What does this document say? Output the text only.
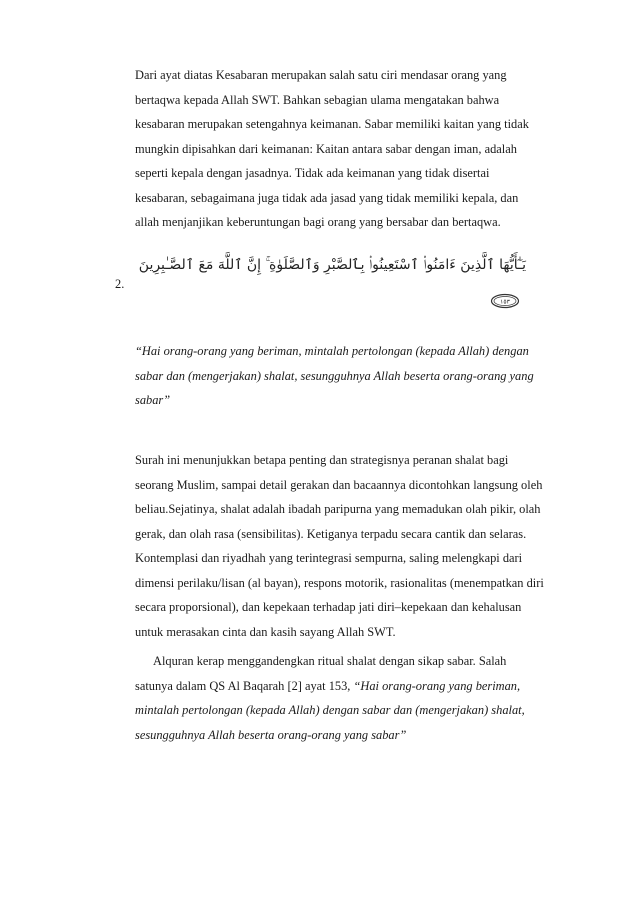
Dari ayat diatas Kesabaran merupakan salah satu ciri mendasar orang yang
bertaqwa kepada Allah SWT. Bahkan sebagian ulama mengatakan bahwa
kesabaran merupakan setengahnya keimanan. Sabar memiliki kaitan yang tidak
mungkin dipisahkan dari keimanan: Kaitan antara sabar dengan iman, adalah
seperti kepala dengan jasadnya. Tidak ada keimanan yang tidak disertai
kesabaran, sebagaimana juga tidak ada jasad yang tidak memiliki kepala, dan
allah menjanjikan keberuntungan bagi orang yang bersabar dan bertaqwa.
2.
يَـٰٓأَيُّهَا ٱلَّذِينَ ءَامَنُوا۟ ٱسْتَعِينُوا۟ بِٱلصَّبْرِ وَٱلصَّلَوٰةِ ۚ إِنَّ ٱللَّهَ مَعَ ٱلصَّـٰبِرِينَ
١٥٣
“Hai orang-orang yang beriman, mintalah pertolongan (kepada Allah) dengan
sabar dan (mengerjakan) shalat, sesungguhnya Allah beserta orang-orang yang
sabar”
Surah ini menunjukkan betapa penting dan strategisnya peranan shalat bagi
seorang Muslim, sampai detail gerakan dan bacaannya dicontohkan langsung oleh
beliau.Sejatinya, shalat adalah ibadah paripurna yang memadukan olah pikir, olah
gerak, dan olah rasa (sensibilitas). Ketiganya terpadu secara cantik dan selaras.
Kontemplasi dan riyadhah yang terintegrasi sempurna, saling melengkapi dari
dimensi perilaku/lisan (al bayan), respons motorik, rasionalitas (menempatkan diri
secara proporsional), dan kepekaan terhadap jati diri–kepekaan dan kehalusan
untuk merasakan cinta dan kasih sayang Allah SWT.
Alquran kerap menggandengkan ritual shalat dengan sikap sabar. Salah
satunya dalam QS Al Baqarah [2] ayat 153, “Hai orang-orang yang beriman,
mintalah pertolongan (kepada Allah) dengan sabar dan (mengerjakan) shalat,
sesungguhnya Allah beserta orang-orang yang sabar”
